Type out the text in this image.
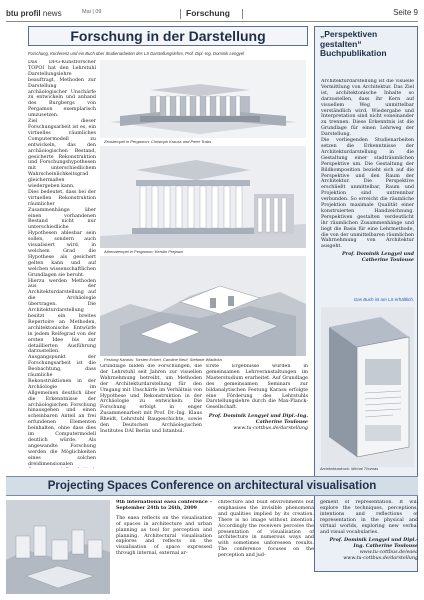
btu profil news	Mai | 09	Forschung	Seite 9
Forschung in der Darstellung
Forschung, Konferenz und ein Buch über Studienarbeiten des LS Darstellungslehre, Prof. Dipl.-Ing. Dominik Lengyel

Das DFG-Kunstforscher TOPOI hat den Lehrstuhl Darstellungslehre beauftragt, Methoden zur Darstellung archäologischer Unschärfe zu entwickeln und anhand des Burgbergs von Pergamon exemplarisch umzusetzen.

Ziel dieser Forschungsarbeit ist es, ein virtuelles räumliches Computermodell zu entwickeln, das den archäologischen Bestand, gesicherte Rekonstruktion und Forschungshypothesen mit unterschiedlichem Wahrscheinlichkeitsgrad gleichermaßen wiedergeben kann.

Dies bedeutet, dass bei der virtuellen Rekonstruktion räumlicher Zusammenhänge über einen vorhandenen Bestand nicht nur unterschiedliche Hypothesen ablesbar sein sollen, sondern auch visualisiert wird, in welchem Grad die Hypothese als gesichert gelten kann und auf welchen wissenschaftlichen Grundlagen sie beruht.

Hierzu werden Methoden aus der Architekturdarstellung auf die Archäologie übertragen. Die Architekturdarstellung besitzt ein breites Repertoire an Methoden, architektonische Entwürfe in jedem Reifegrad von der ersten Idee bis zur detaillierten Ausführung darzustellen.

Ausgangspunkt der Forschungsarbeit ist die Beobachtung, dass räumliche Rekonstruktionen in der Archäologie im Allgemeinen deutlich über die Erkenntnisse der archäologischen Forschung hinausgehen und einen scheinbaren Anteil an frei erfundenen Elementen beinhalten, ohne dass dies im Computermodell deutlich würde. Als angewandte Forschung werden die Möglichkeiten eines solchen dreidimensionalen

Zeustempel in Pergamon: Christoph Krauss und Peter Trabs
Athenatempel in Pergamon: Kerstin Prejawa
Festung Karasis: Torsten Eckert, Caroline Neuf, Stefanie Wladicka

Grundlage bilden die Forschungen, die der Lehrstuhl seit Jahren zur visuellen Wahrnehmung betreibt, um Methoden der Architekturdarstellung für den Umgang mit Unschärfe im Verhältnis von Hypothese und Rekonstruktion in der Archäologie zu entwickeln. Die Forschung erfolgt in enger Zusammenarbeit mit Prof. Dr.-Ing. Klaus Rheidt, Lehrstuhl Baugeschichte, sowie den Deutschen Archäologischen Institutes DAI Berlin und Istanbul.

Erste Ergebnisse wurden in gemeinsamen Lehrveranstaltungen im Masterstudium erarbeitet. Auf Grundlage des gemeinsamen Seminars zur bildanalytischen Festung Karasu erfolgte eine Förderung des Lehrstuhls Darstellungslehre durch die Max-Planck-Gesellschaft.

Prof. Dominik Lengyel und Dipl.-Ing. Catherine Toulouse

www.tu-cottbus.de/darstellung

„Perspektiven gestalten“ Buchpublikation

Architekturdarstellung ist die visuelle Vermittlung von Architektur. Das Ziel ist, architektonische Inhalte so darzustellen, dass ihr Kern auf visuellem Weg unmittelbar verständlich wird. Wiedergabe und Interpretation sind nicht voneinander zu trennen. Diese Erkenntnis ist die Grundlage für einen Lehrweg der Darstellung.

Die vorliegenden Studienarbeiten setzen die Erkenntnisse der Architekturdarstellung in die Gestaltung einer stadträumlichen Perspektive um. Die Gestaltung der Bildkomposition bezieht sich auf die Perspektive und den Raum der Architektur. Die Perspektive erschließt unmittelbar, Raum und Projektion sind untrennbar verbunden. So erreicht die räumliche Projektion maximale Qualität einer konstruierten Handzeichnung. Perspektiven gestalten verdeutlicht ihr räumlichen Zusammenhänge und liegt die Basis für eine Lehrmethode, die von der unmittelbaren räumlichen Wahrnehmung von Architektur ausgeht.

Prof. Dominik Lengyel und Catherine Toulouse

Das Buch ist am LS erhältlich.
Architekturdruck: Michal Thomas
Projecting Spaces Conference on architectural visualisation

9th international eaea conference – September 24th to 26th, 2009

The eaea reflects on the visualisation of spaces in architecture and urban planning as tool for perception and planning. Architectural visualisation explores and reflects on the visualisation of space expressed through internal, external ar-

chitecture and built environments but emphasises the invisible phenomena and qualities implied by its creation. There is no image without intention. Accordingly the receivers perceive the presentation of visualisation of architecture in numerous ways and with sometimes unforeseen results. The conference focuses on the perception and jud-

gement of representation. It will explore the techniques, perceptions, intentions and reflections of representation in the physical and virtual worlds, exploring new verbal and visual vocabularies.

Prof. Dominik Lengyel und Dipl.-Ing. Catherine Toulouse

www.tu-cottbus.de/eaea

www.tu-cottbus.de/darstellung
